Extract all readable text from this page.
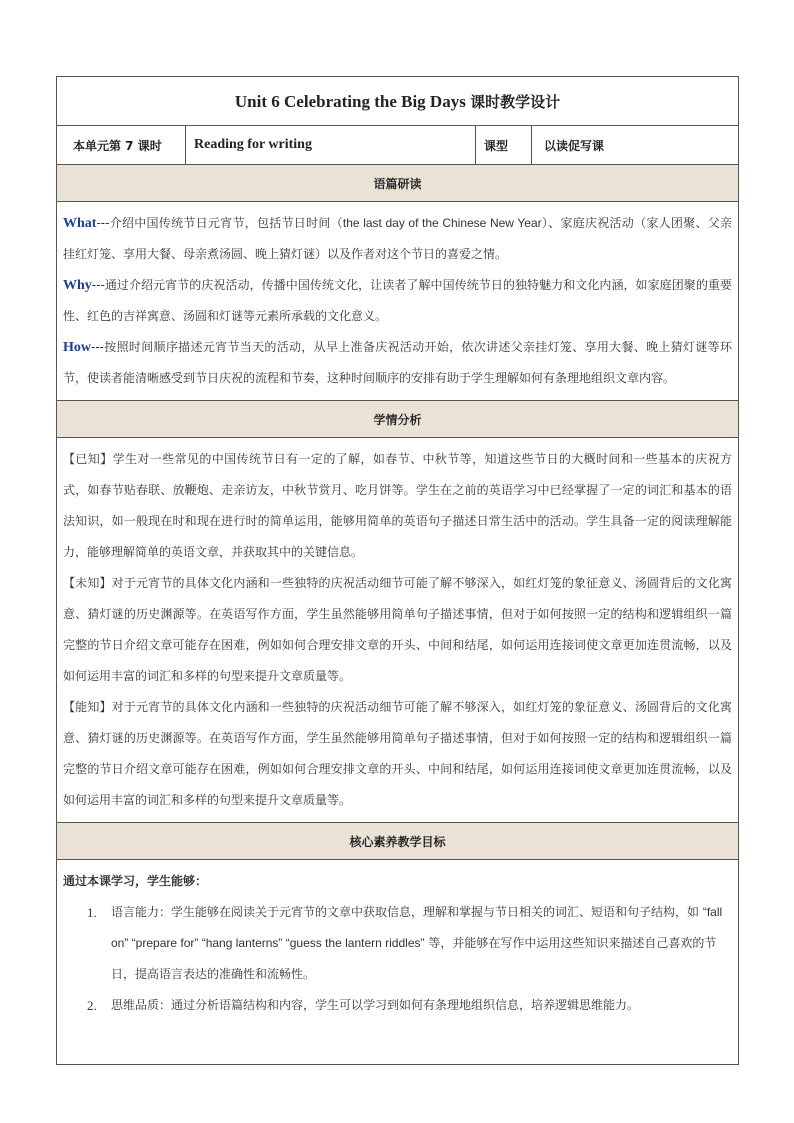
Unit 6 Celebrating the Big Days 课时教学设计
本单元第 7 课时	Reading for writing	课型	以读促写课
语篇研读

What---介绍中国传统节日元宵节，包括节日时间（the last day of the Chinese New Year）、家庭庆祝活动（家人团聚、父亲挂红灯笼、享用大餐、母亲煮汤圆、晚上猜灯谜）以及作者对这个节日的喜爱之情。

Why---通过介绍元宵节的庆祝活动，传播中国传统文化，让读者了解中国传统节日的独特魅力和文化内涵，如家庭团聚的重要性、红色的吉祥寓意、汤圆和灯谜等元素所承载的文化意义。

How---按照时间顺序描述元宵节当天的活动，从早上准备庆祝活动开始，依次讲述父亲挂灯笼、享用大餐、晚上猜灯谜等环节，使读者能清晰感受到节日庆祝的流程和节奏，这种时间顺序的安排有助于学生理解如何有条理地组织文章内容。

学情分析

【已知】学生对一些常见的中国传统节日有一定的了解，如春节、中秋节等，知道这些节日的大概时间和一些基本的庆祝方式，如春节贴春联、放鞭炮、走亲访友，中秋节赏月、吃月饼等。学生在之前的英语学习中已经掌握了一定的词汇和基本的语法知识，如一般现在时和现在进行时的简单运用，能够用简单的英语句子描述日常生活中的活动。学生具备一定的阅读理解能力，能够理解简单的英语文章，并获取其中的关键信息。

【未知】对于元宵节的具体文化内涵和一些独特的庆祝活动细节可能了解不够深入，如红灯笼的象征意义、汤圆背后的文化寓意、猜灯谜的历史渊源等。在英语写作方面，学生虽然能够用简单句子描述事情，但对于如何按照一定的结构和逻辑组织一篇完整的节日介绍文章可能存在困难，例如如何合理安排文章的开头、中间和结尾，如何运用连接词使文章更加连贯流畅，以及如何运用丰富的词汇和多样的句型来提升文章质量等。

【能知】对于元宵节的具体文化内涵和一些独特的庆祝活动细节可能了解不够深入，如红灯笼的象征意义、汤圆背后的文化寓意、猜灯谜的历史渊源等。在英语写作方面，学生虽然能够用简单句子描述事情，但对于如何按照一定的结构和逻辑组织一篇完整的节日介绍文章可能存在困难，例如如何合理安排文章的开头、中间和结尾，如何运用连接词使文章更加连贯流畅，以及如何运用丰富的词汇和多样的句型来提升文章质量等。

核心素养教学目标

通过本课学习，学生能够：

1. 语言能力：学生能够在阅读关于元宵节的文章中获取信息，理解和掌握与节日相关的词汇、短语和句子结构，如 “fall on” “prepare for” “hang lanterns” “guess the lantern riddles” 等，并能够在写作中运用这些知识来描述自己喜欢的节日，提高语言表达的准确性和流畅性。
2. 思维品质：通过分析语篇结构和内容，学生可以学习到如何有条理地组织信息，培养逻辑思维能力。
